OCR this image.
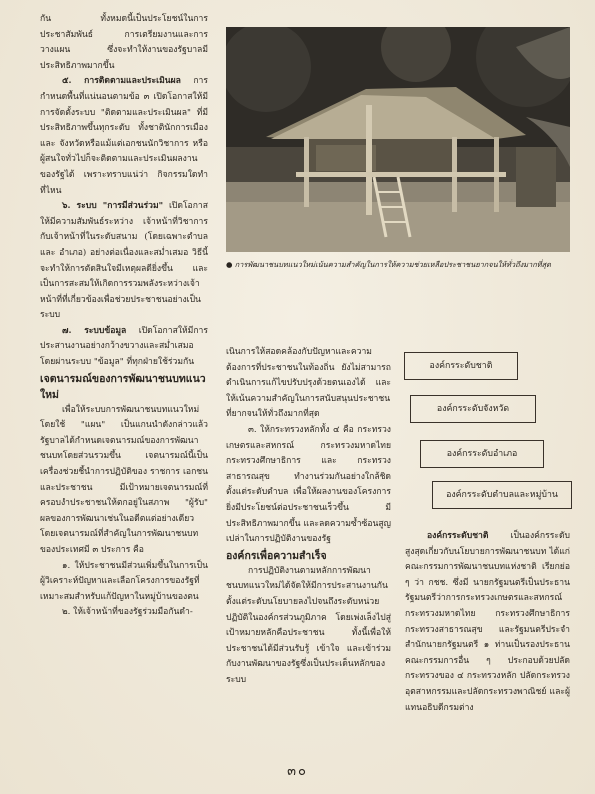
กัน ทั้งหมดนี้เป็นประโยชน์ในการประชาสัมพันธ์ การเตรียมงานและการวางแผน ซึ่งจะทำให้งานของรัฐบาลมีประสิทธิภาพมากขึ้น

๕. การติดตามและประเมินผล การกำหนดพื้นที่แน่นอนตามข้อ ๓ เปิดโอกาสให้มีการจัดตั้งระบบ "ติดตามและประเมินผล" ที่มีประสิทธิภาพขึ้นทุกระดับ ทั้งชาตินักการเมือง และ จังหวัดหรือแม้แต่เอกชนนักวิชาการ หรือผู้สนใจทั่วไปก็จะติดตามและประเมินผลงานของรัฐได้ เพราะทราบแน่ว่า กิจกรรมใดทำที่ไหน

๖. ระบบ "การมีส่วนร่วม" เปิดโอกาสให้มีความสัมพันธ์ระหว่าง เจ้าหน้าที่วิชาการกับเจ้าหน้าที่ในระดับสนาม (โดยเฉพาะตำบล และ อำเภอ) อย่างต่อเนื่องและสม่ำเสมอ วิธีนี้จะทำให้การตัดสินใจมีเหตุผลดียิ่งขึ้น และเป็นการสะสมให้เกิดการรวมพลังระหว่างเจ้าหน้าที่ที่เกี่ยวข้องเพื่อช่วยประชาชนอย่างเป็นระบบ

๗. ระบบข้อมูล เปิดโอกาสให้มีการประสานงานอย่างกว้างขวางและสม่ำเสมอโดยผ่านระบบ "ข้อมูล" ที่ทุกฝ่ายใช้ร่วมกัน

เจตนารมณ์ของการพัฒนาชนบทแนวใหม่

เพื่อให้ระบบการพัฒนาชนบทแนวใหม่ โดยใช้ "แผน" เป็นแกนนำดังกล่าวแล้ว รัฐบาลได้กำหนดเจตนารมณ์ของการพัฒนาชนบทโดยส่วนรวมขึ้น เจตนารมณ์นี้เป็นเครื่องช่วยชี้นำการปฏิบัติของ ราชการ เอกชน และประชาชน มีเป้าหมายเจตนารมณ์ที่ครอบงำประชาชนให้ตกอยู่ในสภาพ "ผู้รับ" ผลของการพัฒนาเช่นในอดีตแต่อย่างเดียว โดยเจตนารมณ์ที่สำคัญในการพัฒนาชนบทของประเทศมี ๓ ประการ คือ

๑. ให้ประชาชนมีส่วนเพิ่มขึ้นในการเป็นผู้วิเคราะห์ปัญหาและเลือกโครงการของรัฐที่เหมาะสมสำหรับแก้ปัญหาในหมู่บ้านของตน

๒. ให้เจ้าหน้าที่ของรัฐร่วมมือกันดำ-

● การพัฒนาชนบทแนวใหม่เน้นความสำคัญในการให้ความช่วยเหลือประชาชนยากจนให้ทั่วถึงมากที่สุด

เนินการให้สอดคล้องกับปัญหาและความต้องการที่ประชาชนในท้องถิ่น ยังไม่สามารถดำเนินการแก้ไขปรับปรุงด้วยตนเองได้ และให้เน้นความสำคัญในการสนับสนุนประชาชนที่ยากจนให้ทั่วถึงมากที่สุด

๓. ให้กระทรวงหลักทั้ง ๔ คือ กระทรวงเกษตรและสหกรณ์ กระทรวงมหาดไทย กระทรวงศึกษาธิการ และ กระทรวงสาธารณสุข ทำงานร่วมกันอย่างใกล้ชิด ตั้งแต่ระดับตำบล เพื่อให้ผลงานของโครงการยิ่งมีประโยชน์ต่อประชาชนเร็วขึ้น มีประสิทธิภาพมากขึ้น และลดความซ้ำซ้อนสูญเปล่าในการปฏิบัติงานของรัฐ

องค์กรเพื่อความสำเร็จ

การปฏิบัติงานตามหลักการพัฒนาชนบทแนวใหม่ได้จัดให้มีการประสานงานกันตั้งแต่ระดับนโยบายลงไปจนถึงระดับหน่วยปฏิบัติในองค์กรส่วนภูมิภาค โดยเพ่งเล็งไปสู่เป้าหมายหลักคือประชาชน ทั้งนี้เพื่อให้ประชาชนได้มีส่วนรับรู้ เข้าใจ และเข้าร่วมกับงานพัฒนาของรัฐซึ่งเป็นประเด็นหลักของระบบ

องค์กรระดับชาติ
องค์กรระดับจังหวัด
องค์กรระดับอำเภอ
องค์กรระดับตำบลและหมู่บ้าน

องค์กรระดับชาติ เป็นองค์กรระดับสูงสุดเกี่ยวกับนโยบายการพัฒนาชนบท ได้แก่ คณะกรรมการพัฒนาชนบทแห่งชาติ เรียกย่อ ๆ ว่า กชช. ซึ่งมี นายกรัฐมนตรีเป็นประธาน รัฐมนตรีว่าการกระทรวงเกษตรและสหกรณ์ กระทรวงมหาดไทย กระทรวงศึกษาธิการ กระทรวงสาธารณสุข และรัฐมนตรีประจำสำนักนายกรัฐมนตรี ๑ ท่านเป็นรองประธาน คณะกรรมการอื่น ๆ ประกอบด้วยปลัดกระทรวงของ ๔ กระทรวงหลัก ปลัดกระทรวงอุตสาหกรรมและปลัดกระทรวงพาณิชย์ และผู้แทนอธิบดีกรมต่าง

๓๐
